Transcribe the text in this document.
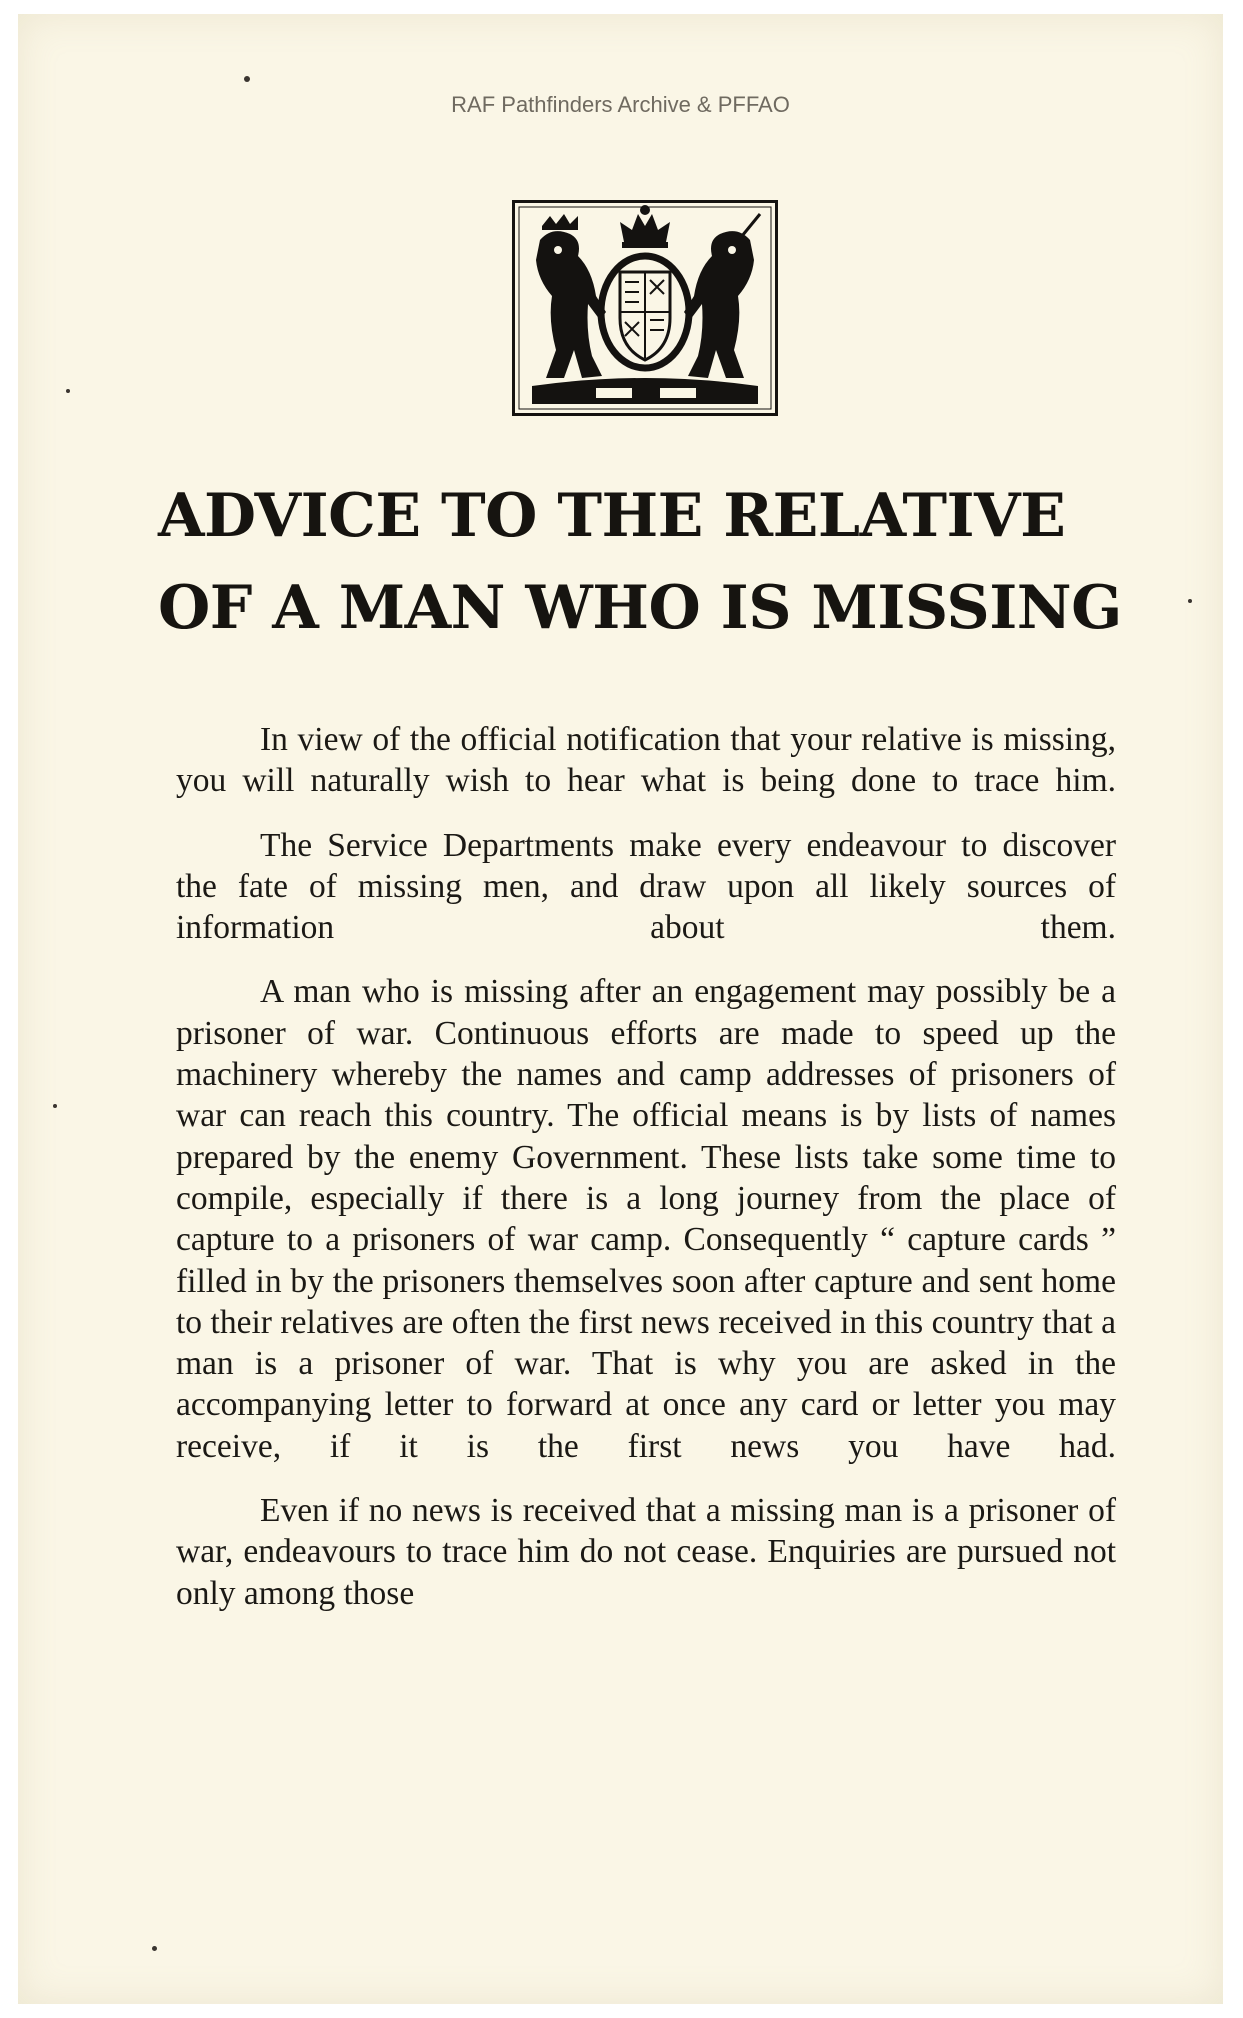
RAF Pathfinders Archive & PFFAO
ADVICE TO THE RELATIVE
OF A MAN WHO IS MISSING

In view of the official notification that your relative is missing, you will naturally wish to hear what is being done to trace him.

The Service Departments make every endeavour to discover the fate of missing men, and draw upon all likely sources of information about them.

A man who is missing after an engagement may possibly be a prisoner of war. Continuous efforts are made to speed up the machinery whereby the names and camp addresses of prisoners of war can reach this country. The official means is by lists of names prepared by the enemy Government. These lists take some time to compile, especially if there is a long journey from the place of capture to a prisoners of war camp. Consequently “ capture cards ” filled in by the prisoners themselves soon after capture and sent home to their relatives are often the first news received in this country that a man is a prisoner of war. That is why you are asked in the accompanying letter to forward at once any card or letter you may receive, if it is the first news you have had.

Even if no news is received that a missing man is a prisoner of war, endeavours to trace him do not cease. Enquiries are pursued not only among those
